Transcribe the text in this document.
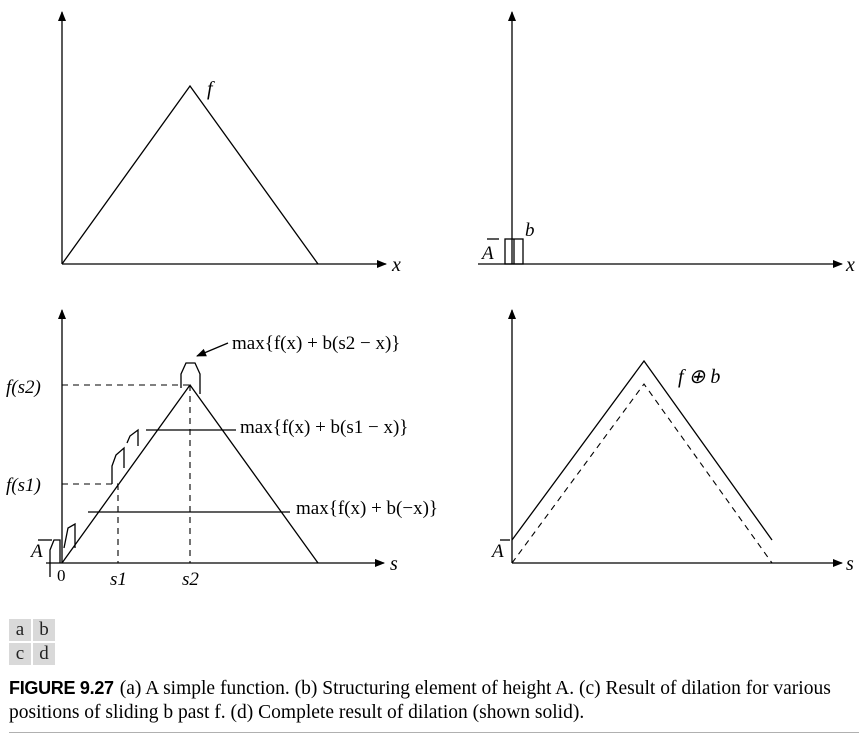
f
x
b
A
x
f(s2)
f(s1)
A
0 s1	s2
s
max{f(x) + b(s2 − x)}
max{f(x) + b(s1 − x)}
max{f(x) + b(−x)}
f ⊕ b
A
s
a b
c d
FIGURE 9.27 (a) A simple function. (b) Structuring element of height A. (c) Result of dilation for various positions of sliding b past f. (d) Complete result of dilation (shown solid).
